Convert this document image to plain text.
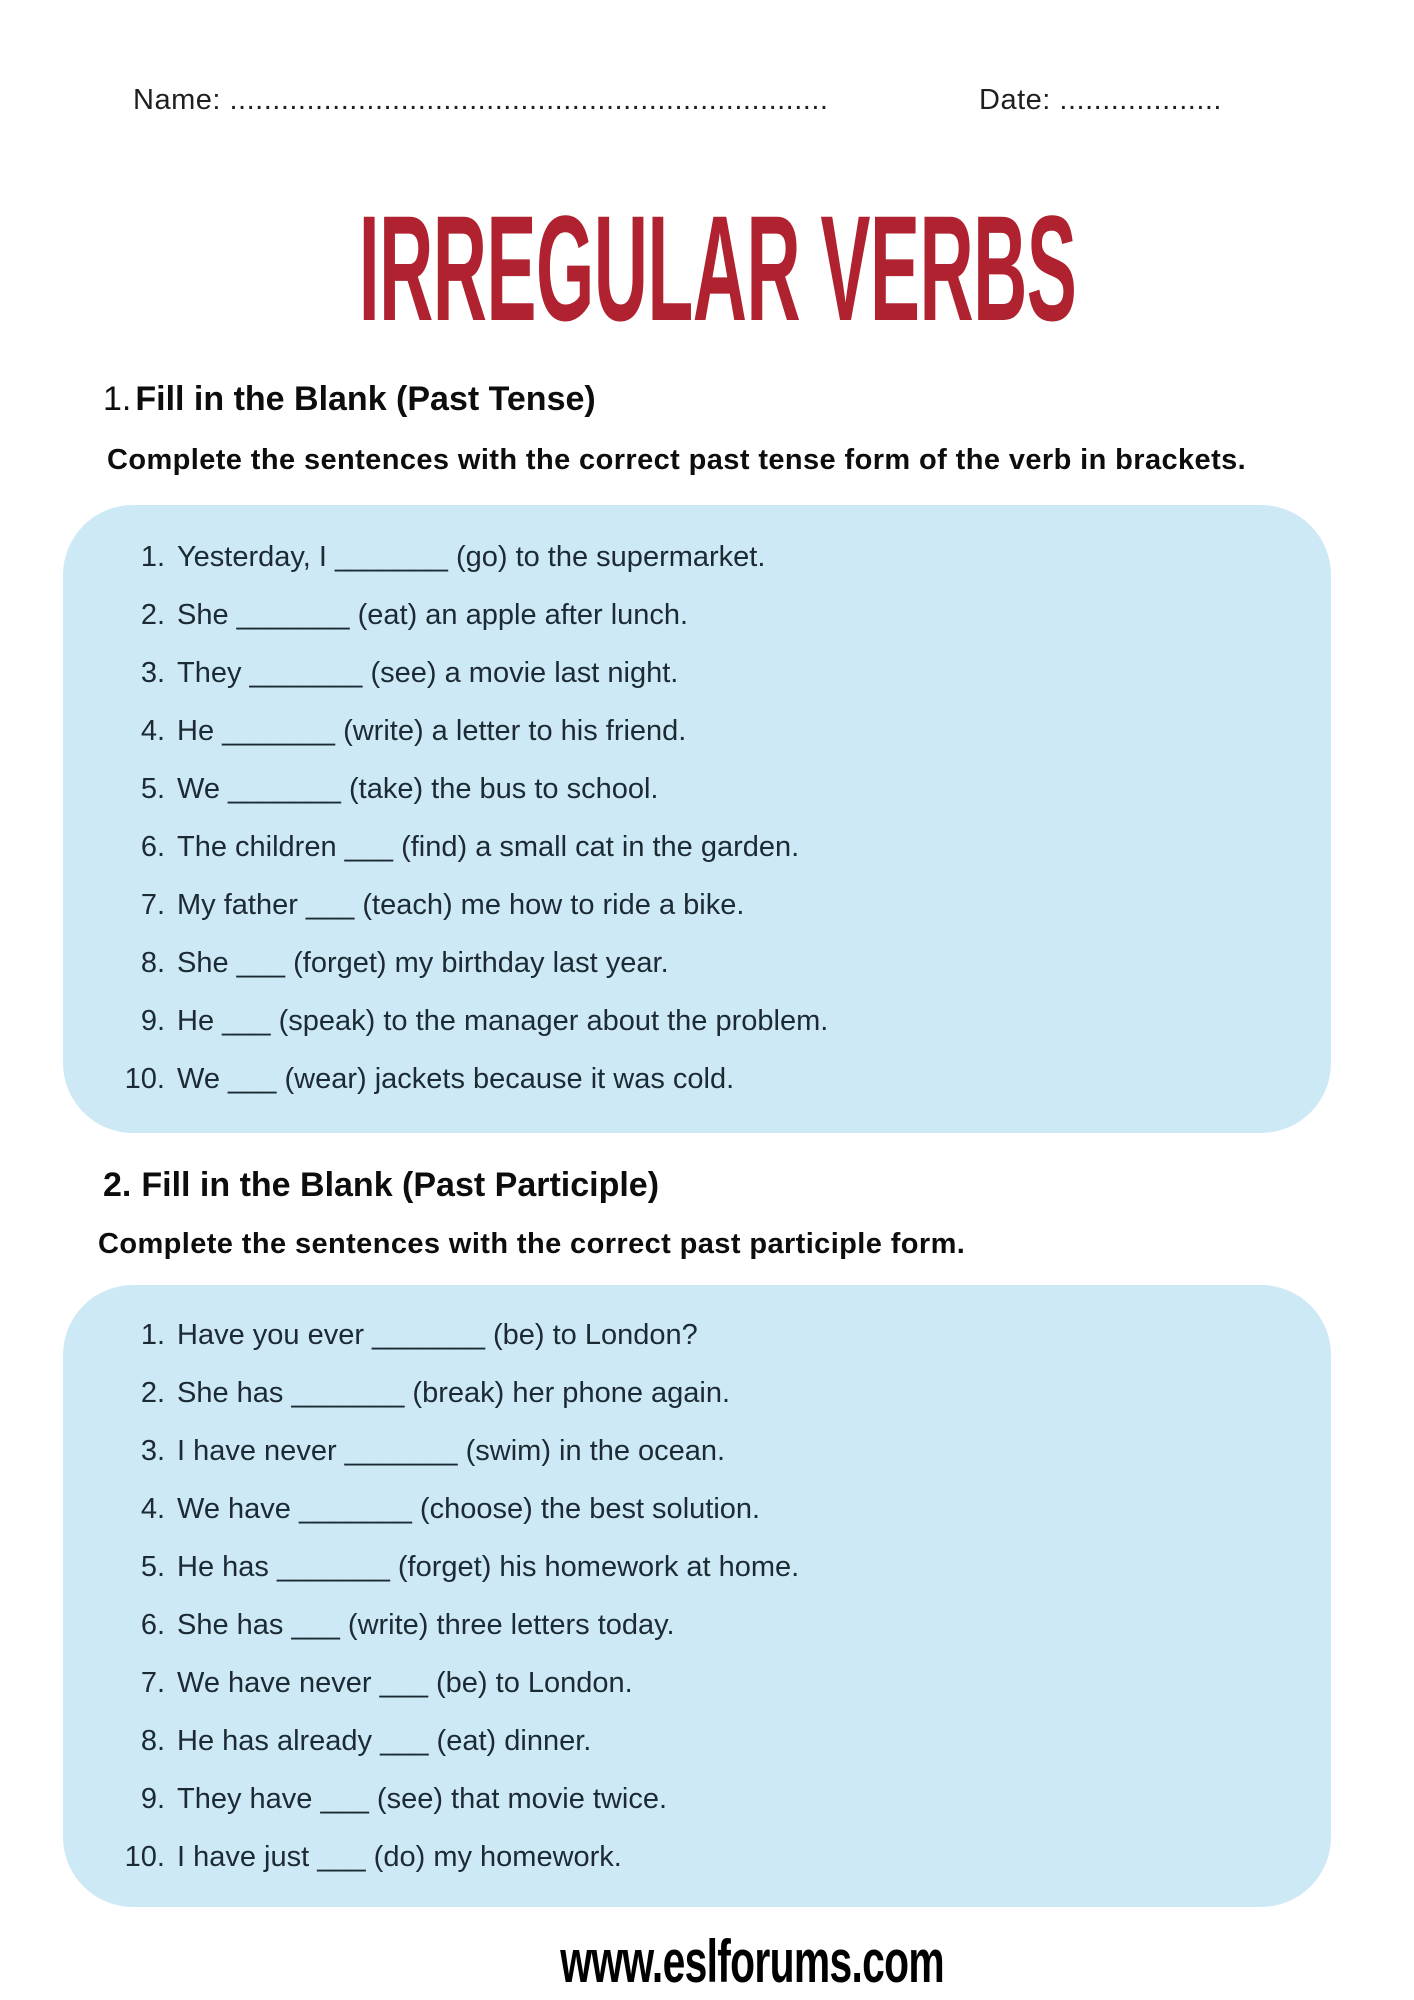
Name: ......................................................................	Date: ...................
IRREGULAR VERBS
1. Fill in the Blank (Past Tense)

Complete the sentences with the correct past tense form of the verb in brackets.

1. Yesterday, I _______ (go) to the supermarket.
2. She _______ (eat) an apple after lunch.
3. They _______ (see) a movie last night.
4. He _______ (write) a letter to his friend.
5. We _______ (take) the bus to school.
6. The children ___ (find) a small cat in the garden.
7. My father ___ (teach) me how to ride a bike.
8. She ___ (forget) my birthday last year.
9. He ___ (speak) to the manager about the problem.
10. We ___ (wear) jackets because it was cold.
2. Fill in the Blank (Past Participle)

Complete the sentences with the correct past participle form.

1. Have you ever _______ (be) to London?
2. She has _______ (break) her phone again.
3. I have never _______ (swim) in the ocean.
4. We have _______ (choose) the best solution.
5. He has _______ (forget) his homework at home.
6. She has ___ (write) three letters today.
7. We have never ___ (be) to London.
8. He has already ___ (eat) dinner.
9. They have ___ (see) that movie twice.
10. I have just ___ (do) my homework.
www.eslforums.com
